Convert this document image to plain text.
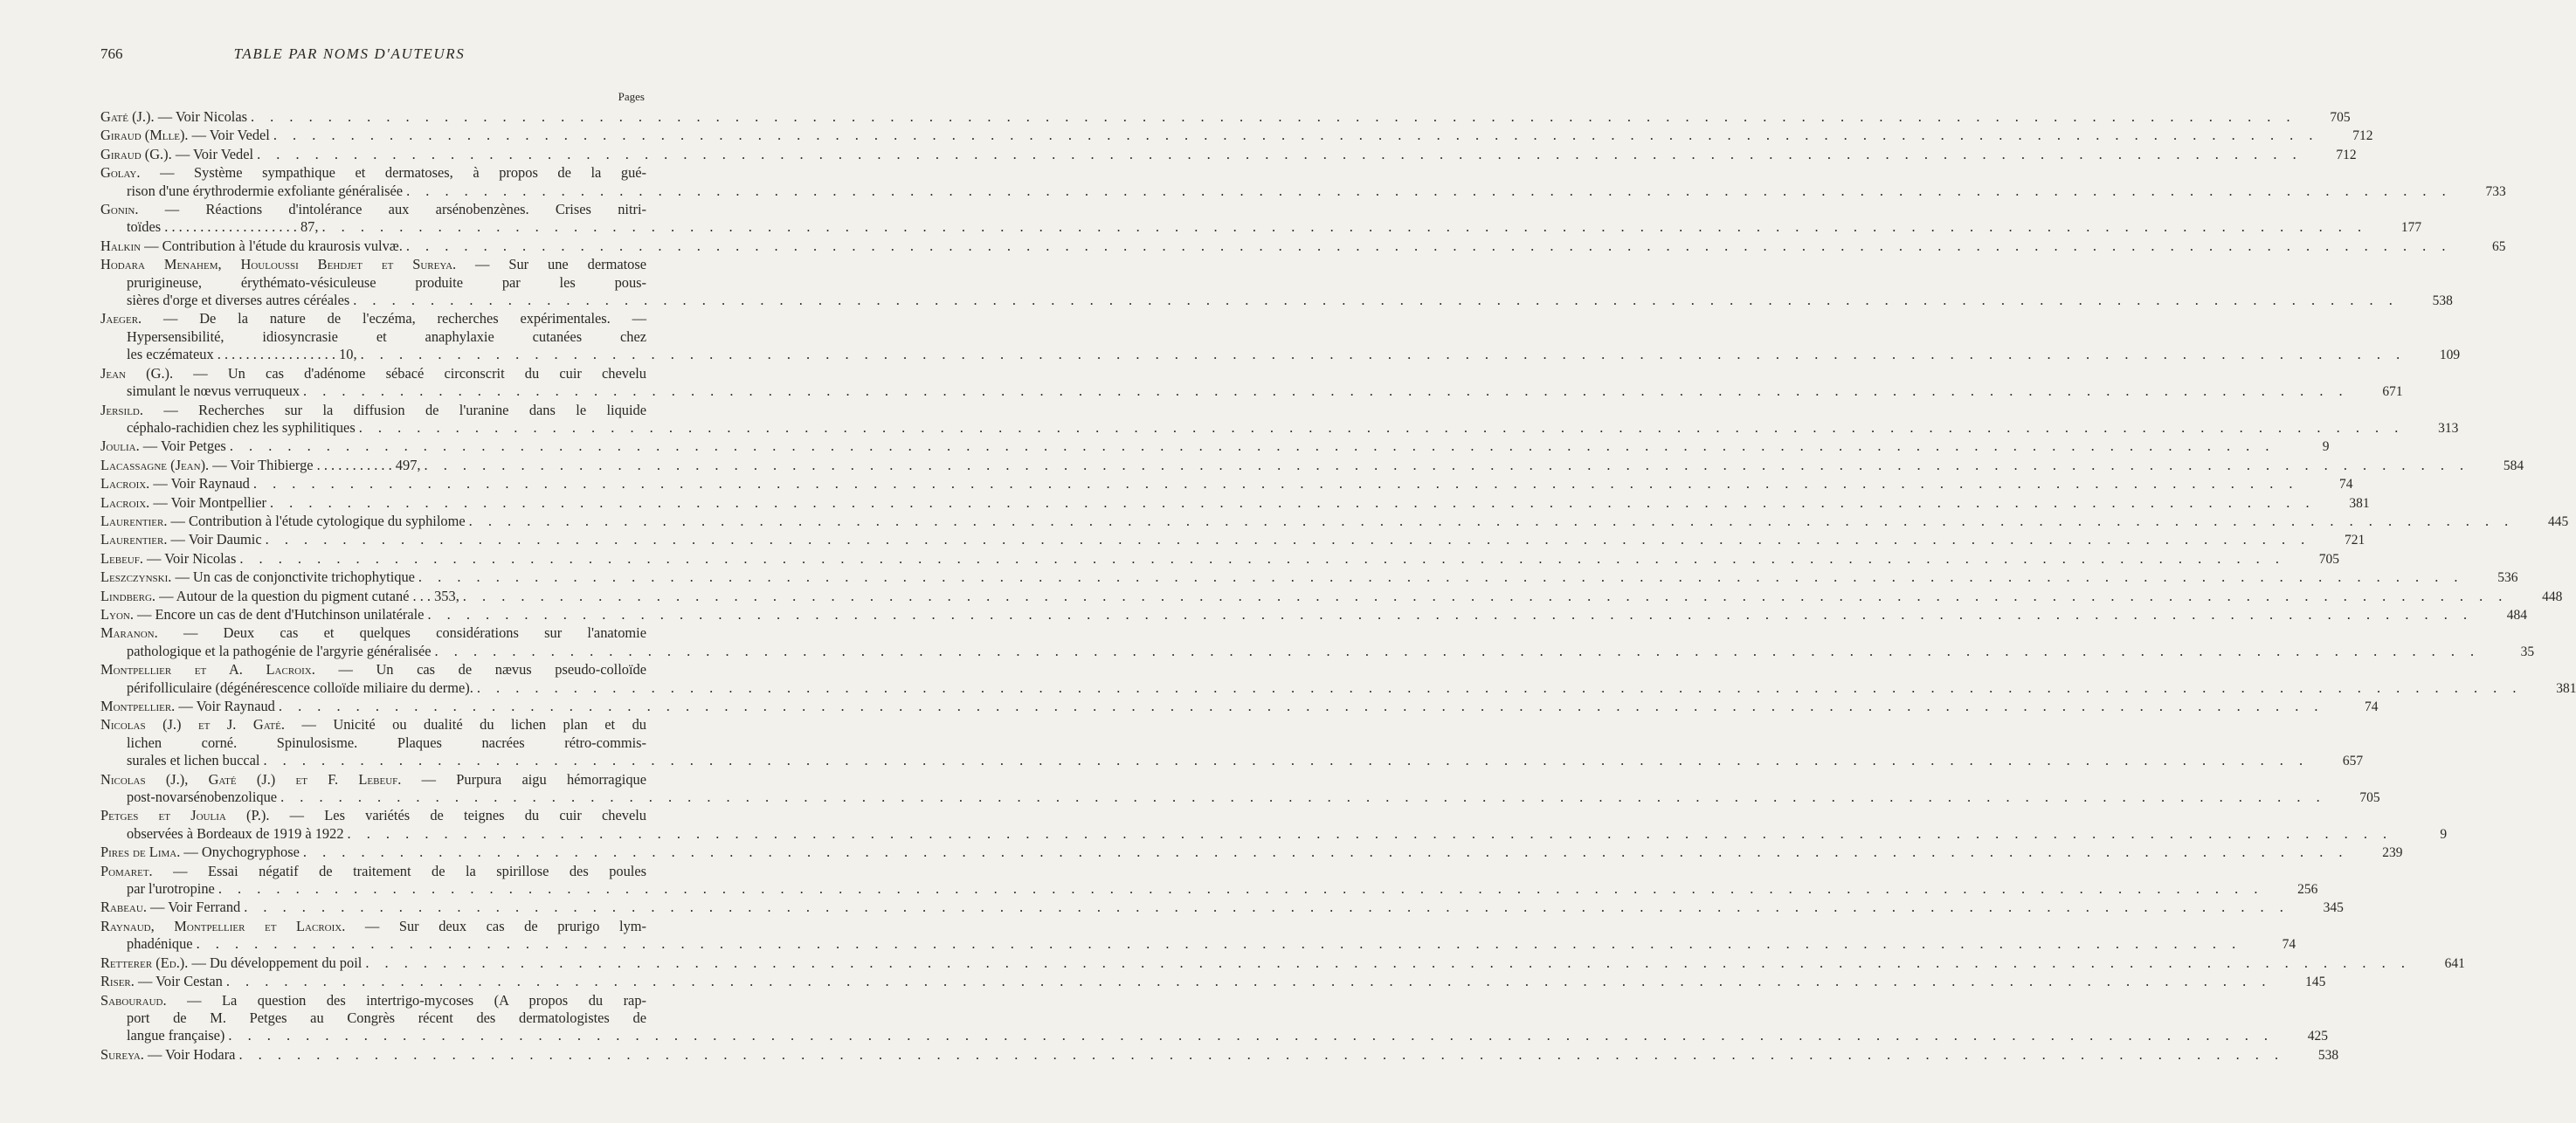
766	TABLE PAR NOMS D'AUTEURS
Pages
Gaté (J.). — Voir Nicolas . . .	705
Giraud (Mlle). — Voir Vedel . . .	712
Giraud (G.). — Voir Vedel . . .	712
Golay. — Système sympathique et dermatoses, à propos de la gué-
rison d'une érythrodermie exfoliante généralisée . . .	733
Gonin. — Réactions d'intolérance aux arsénobenzènes. Crises nitri-
toïdes . . . . . . . . . . . . . . . . . . . 87, . . .	177
Halkin — Contribution à l'étude du kraurosis vulvæ. . . .	65
Hodara Menahem, Houloussi Behdjet et Sureya. — Sur une dermatose
prurigineuse, érythémato-vésiculeuse produite par les pous-
sières d'orge et diverses autres céréales . . .	538
Jaeger. — De la nature de l'eczéma, recherches expérimentales. —
Hypersensibilité, idiosyncrasie et anaphylaxie cutanées chez
les eczémateux . . . . . . . . . . . . . . . . . 10, . . .	109
Jean (G.). — Un cas d'adénome sébacé circonscrit du cuir chevelu
simulant le nœvus verruqueux . . .	671
Jersild. — Recherches sur la diffusion de l'uranine dans le liquide
céphalo-rachidien chez les syphilitiques . . .	313
Joulia. — Voir Petges . . .	9
Lacassagne (Jean). — Voir Thibierge . . . . . . . . . . . 497, . . .	584
Lacroix. — Voir Raynaud . . .	74
Lacroix. — Voir Montpellier . . .	381
Laurentier. — Contribution à l'étude cytologique du syphilome . . .	445
Laurentier. — Voir Daumic . . .	721
Lebeuf. — Voir Nicolas . . .	705
Leszczynski. — Un cas de conjonctivite trichophytique . . .	536
Lindberg. — Autour de la question du pigment cutané . . . 353, . . .	448
Lyon. — Encore un cas de dent d'Hutchinson unilatérale . . .	484
Maranon. — Deux cas et quelques considérations sur l'anatomie
pathologique et la pathogénie de l'argyrie généralisée . . .	35
Montpellier et A. Lacroix. — Un cas de nævus pseudo-colloïde
périfolliculaire (dégénérescence colloïde miliaire du derme). . . .	381
Montpellier. — Voir Raynaud . . .	74
Nicolas (J.) et J. Gaté. — Unicité ou dualité du lichen plan et du
lichen corné. Spinulosisme. Plaques nacrées rétro-commis-
surales et lichen buccal . . .	657
Nicolas (J.), Gaté (J.) et F. Lebeuf. — Purpura aigu hémorragique
post-novarsénobenzolique . . .	705
Petges et Joulia (P.). — Les variétés de teignes du cuir chevelu
observées à Bordeaux de 1919 à 1922 . . .	9
Pires de Lima. — Onychogryphose . . .	239
Pomaret. — Essai négatif de traitement de la spirillose des poules
par l'urotropine . . .	256
Rabeau. — Voir Ferrand . . .	345
Raynaud, Montpellier et Lacroix. — Sur deux cas de prurigo lym-
phadénique . . .	74
Retterer (Ed.). — Du développement du poil . . .	641
Riser. — Voir Cestan . . .	145
Sabouraud. — La question des intertrigo-mycoses (A propos du rap-
port de M. Petges au Congrès récent des dermatologistes de
langue française) . . .	425
Sureya. — Voir Hodara . . .	538
